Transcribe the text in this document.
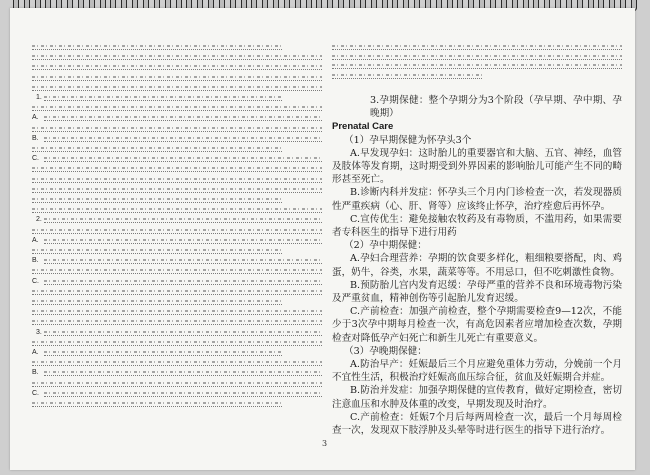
1.
A.
B.
C.
2.
A.
B.
C.
3.
A.
B.
C.

3.孕期保健：整个孕期分为3个阶段（孕早期、孕中期、孕晚期）

Prenatal Care

（1）孕早期保健为怀孕头3个

A.早发现孕妇：这时胎儿的重要器官和大脑、五官、神经，血管及肢体等发育期，这时期受到外界因素的影响胎儿可能产生不同的畸形甚至死亡。

B.诊断内科并发症：怀孕头三个月内门诊检查一次，若发现器质性严重疾病（心、肝、肾等）应该终止怀孕，治疗痊愈后再怀孕。

C.宣传优生：避免接触农牧药及有毒物质，不滥用药，如果需要者专科医生的指导下进行用药

（2）孕中期保健：

A.孕妇合理营养：孕期的饮食要多样化，粗细粮要搭配，肉、鸡蛋，奶牛，谷类，水果，蔬菜等等。不用忌口，但不吃刺激性食物。

B.预防胎儿宫内发育迟缓：孕母严重的营养不良和环境毒物污染及严重贫血，精神创伤等引起胎儿发育迟缓。

C.产前检查：加强产前检查，整个孕期需要检查9—12次，不能少于3次孕中期每月检查一次，有高危因素者应增加检查次数，孕期检查对降低孕产妇死亡和新生儿死亡有重要意义。

（3）孕晚期保健：

A.防治早产：妊娠最后三个月应避免重体力劳动，分娩前一个月不宜性生活，积极治疗妊娠高血压综合征，贫血及妊娠期合并症。

B.防治并发症：加强孕期保健的宣传教育，做好定期检查，密切注意血压和水肿及体重的改变，早期发现及时治疗。

C.产前检查：妊娠7个月后每两周检查一次，最后一个月每周检查一次，发现双下肢浮肿及头晕等时进行医生的指导下进行治疗。

3
